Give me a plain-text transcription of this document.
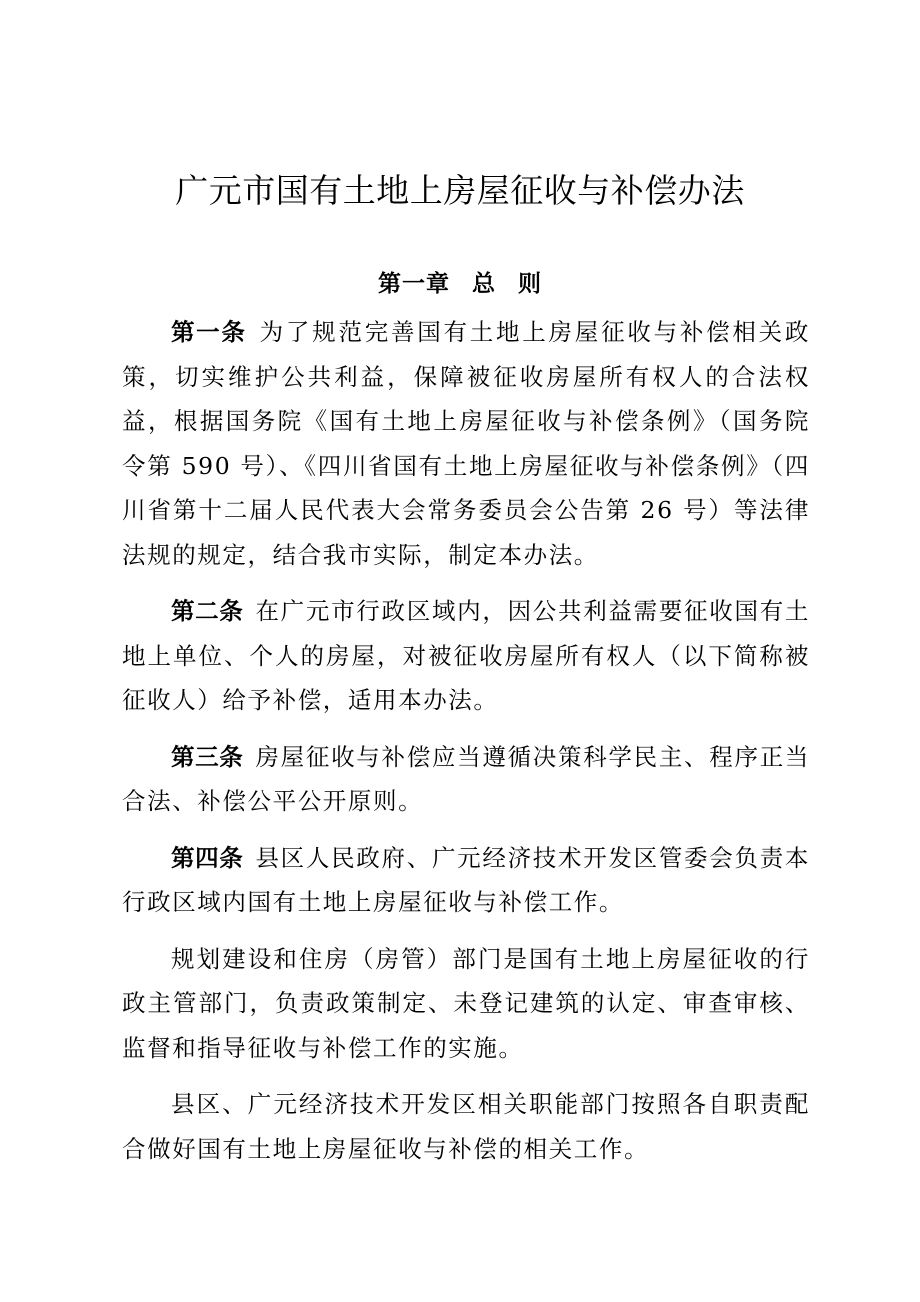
广元市国有土地上房屋征收与补偿办法
第一章 总 则

第一条 为了规范完善国有土地上房屋征收与补偿相关政策，切实维护公共利益，保障被征收房屋所有权人的合法权益，根据国务院《国有土地上房屋征收与补偿条例》（国务院令第 590 号）、《四川省国有土地上房屋征收与补偿条例》（四川省第十二届人民代表大会常务委员会公告第 26 号）等法律法规的规定，结合我市实际，制定本办法。

第二条 在广元市行政区域内，因公共利益需要征收国有土地上单位、个人的房屋，对被征收房屋所有权人（以下简称被征收人）给予补偿，适用本办法。

第三条 房屋征收与补偿应当遵循决策科学民主、程序正当合法、补偿公平公开原则。

第四条 县区人民政府、广元经济技术开发区管委会负责本行政区域内国有土地上房屋征收与补偿工作。

规划建设和住房（房管）部门是国有土地上房屋征收的行政主管部门，负责政策制定、未登记建筑的认定、审查审核、监督和指导征收与补偿工作的实施。

县区、广元经济技术开发区相关职能部门按照各自职责配合做好国有土地上房屋征收与补偿的相关工作。
